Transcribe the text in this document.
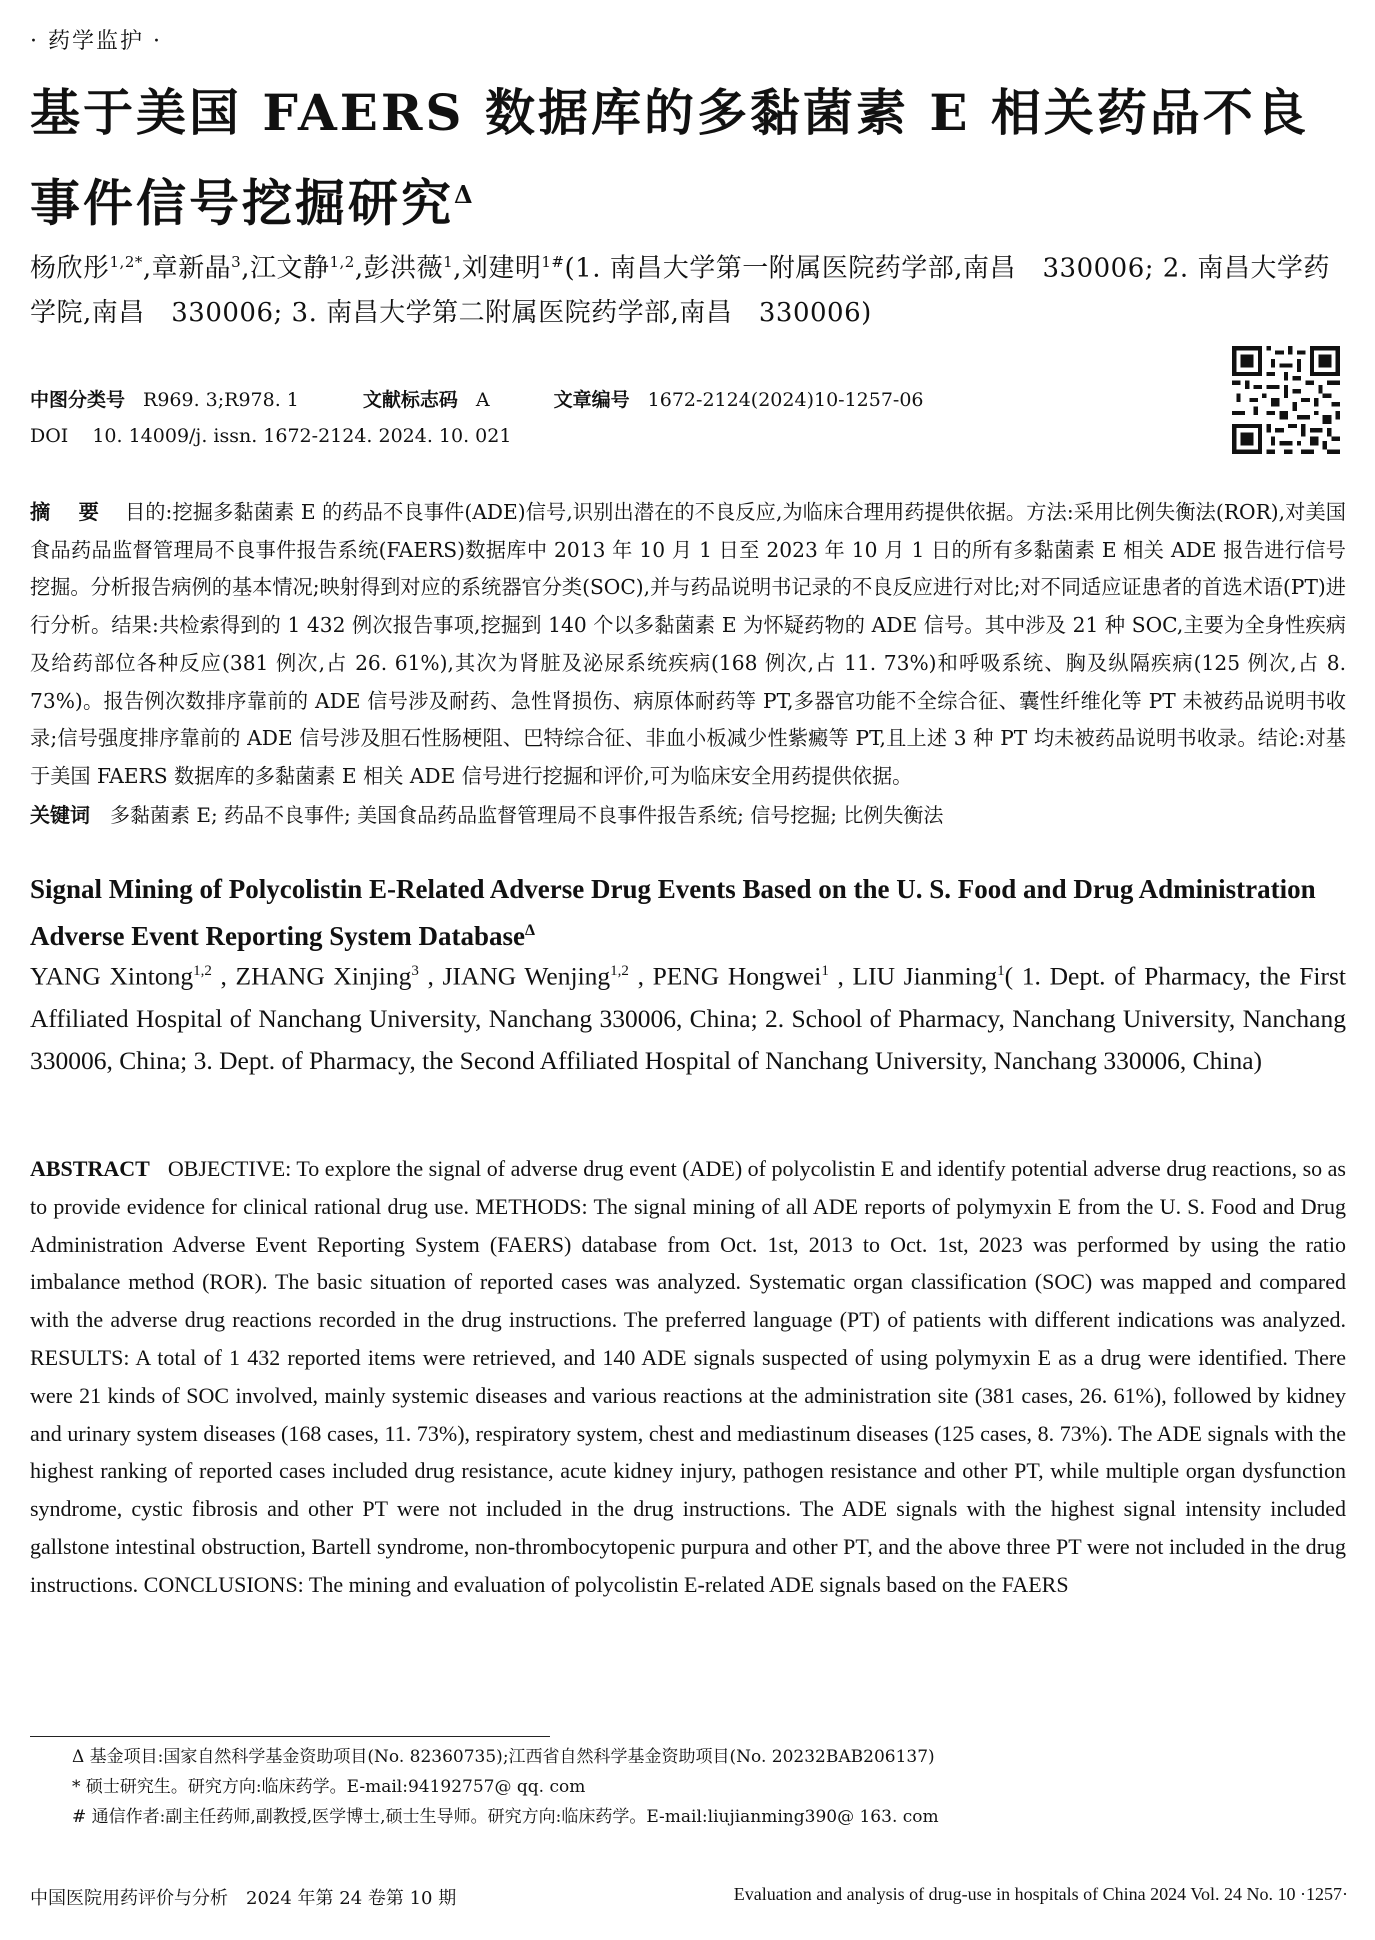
· 药学监护 ·
基于美国 FAERS 数据库的多黏菌素 E 相关药品不良事件信号挖掘研究$^\Delta$
杨欣彤$^{1,2*}$,章新晶$^3$,江文静$^{1,2}$,彭洪薇$^1$,刘建明$^{1\#}$(1. 南昌大学第一附属医院药学部,南昌　330006; 2. 南昌大学药学院,南昌　330006; 3. 南昌大学第二附属医院药学部,南昌　330006)
中图分类号 R969. 3;R978. 1	文献标志码 A	文章编号 1672-2124(2024)10-1257-06
DOI 10. 14009/j. issn. 1672-2124. 2024. 10. 021
摘　要 目的:挖掘多黏菌素 E 的药品不良事件(ADE)信号,识别出潜在的不良反应,为临床合理用药提供依据。方法:采用比例失衡法(ROR),对美国食品药品监督管理局不良事件报告系统(FAERS)数据库中 2013 年 10 月 1 日至 2023 年 10 月 1 日的所有多黏菌素 E 相关 ADE 报告进行信号挖掘。分析报告病例的基本情况;映射得到对应的系统器官分类(SOC),并与药品说明书记录的不良反应进行对比;对不同适应证患者的首选术语(PT)进行分析。结果:共检索得到的 1 432 例次报告事项,挖掘到 140 个以多黏菌素 E 为怀疑药物的 ADE 信号。其中涉及 21 种 SOC,主要为全身性疾病及给药部位各种反应(381 例次,占 26. 61%),其次为肾脏及泌尿系统疾病(168 例次,占 11. 73%)和呼吸系统、胸及纵隔疾病(125 例次,占 8. 73%)。报告例次数排序靠前的 ADE 信号涉及耐药、急性肾损伤、病原体耐药等 PT,多器官功能不全综合征、囊性纤维化等 PT 未被药品说明书收录;信号强度排序靠前的 ADE 信号涉及胆石性肠梗阻、巴特综合征、非血小板减少性紫癜等 PT,且上述 3 种 PT 均未被药品说明书收录。结论:对基于美国 FAERS 数据库的多黏菌素 E 相关 ADE 信号进行挖掘和评价,可为临床安全用药提供依据。
关键词 多黏菌素 E; 药品不良事件; 美国食品药品监督管理局不良事件报告系统; 信号挖掘; 比例失衡法
Signal Mining of Polycolistin E-Related Adverse Drug Events Based on the U. S. Food and Drug Administration Adverse Event Reporting System Database$^\Delta$
YANG Xintong$^{1,2}$ , ZHANG Xinjing$^3$ , JIANG Wenjing$^{1,2}$ , PENG Hongwei$^1$ , LIU Jianming$^1$( 1. Dept. of Pharmacy, the First Affiliated Hospital of Nanchang University, Nanchang 330006, China; 2. School of Pharmacy, Nanchang University, Nanchang 330006, China; 3. Dept. of Pharmacy, the Second Affiliated Hospital of Nanchang University, Nanchang 330006, China)
ABSTRACT OBJECTIVE: To explore the signal of adverse drug event (ADE) of polycolistin E and identify potential adverse drug reactions, so as to provide evidence for clinical rational drug use. METHODS: The signal mining of all ADE reports of polymyxin E from the U. S. Food and Drug Administration Adverse Event Reporting System (FAERS) database from Oct. 1st, 2013 to Oct. 1st, 2023 was performed by using the ratio imbalance method (ROR). The basic situation of reported cases was analyzed. Systematic organ classification (SOC) was mapped and compared with the adverse drug reactions recorded in the drug instructions. The preferred language (PT) of patients with different indications was analyzed. RESULTS: A total of 1 432 reported items were retrieved, and 140 ADE signals suspected of using polymyxin E as a drug were identified. There were 21 kinds of SOC involved, mainly systemic diseases and various reactions at the administration site (381 cases, 26. 61%), followed by kidney and urinary system diseases (168 cases, 11. 73%), respiratory system, chest and mediastinum diseases (125 cases, 8. 73%). The ADE signals with the highest ranking of reported cases included drug resistance, acute kidney injury, pathogen resistance and other PT, while multiple organ dysfunction syndrome, cystic fibrosis and other PT were not included in the drug instructions. The ADE signals with the highest signal intensity included gallstone intestinal obstruction, Bartell syndrome, non-thrombocytopenic purpura and other PT, and the above three PT were not included in the drug instructions. CONCLUSIONS: The mining and evaluation of polycolistin E-related ADE signals based on the FAERS
Δ 基金项目:国家自然科学基金资助项目(No. 82360735);江西省自然科学基金资助项目(No. 20232BAB206137)
* 硕士研究生。研究方向:临床药学。E-mail:94192757@ qq. com
# 通信作者:副主任药师,副教授,医学博士,硕士生导师。研究方向:临床药学。E-mail:liujianming390@ 163. com
中国医院用药评价与分析　2024 年第 24 卷第 10 期	Evaluation and analysis of drug-use in hospitals of China 2024 Vol. 24 No. 10 ·1257·
